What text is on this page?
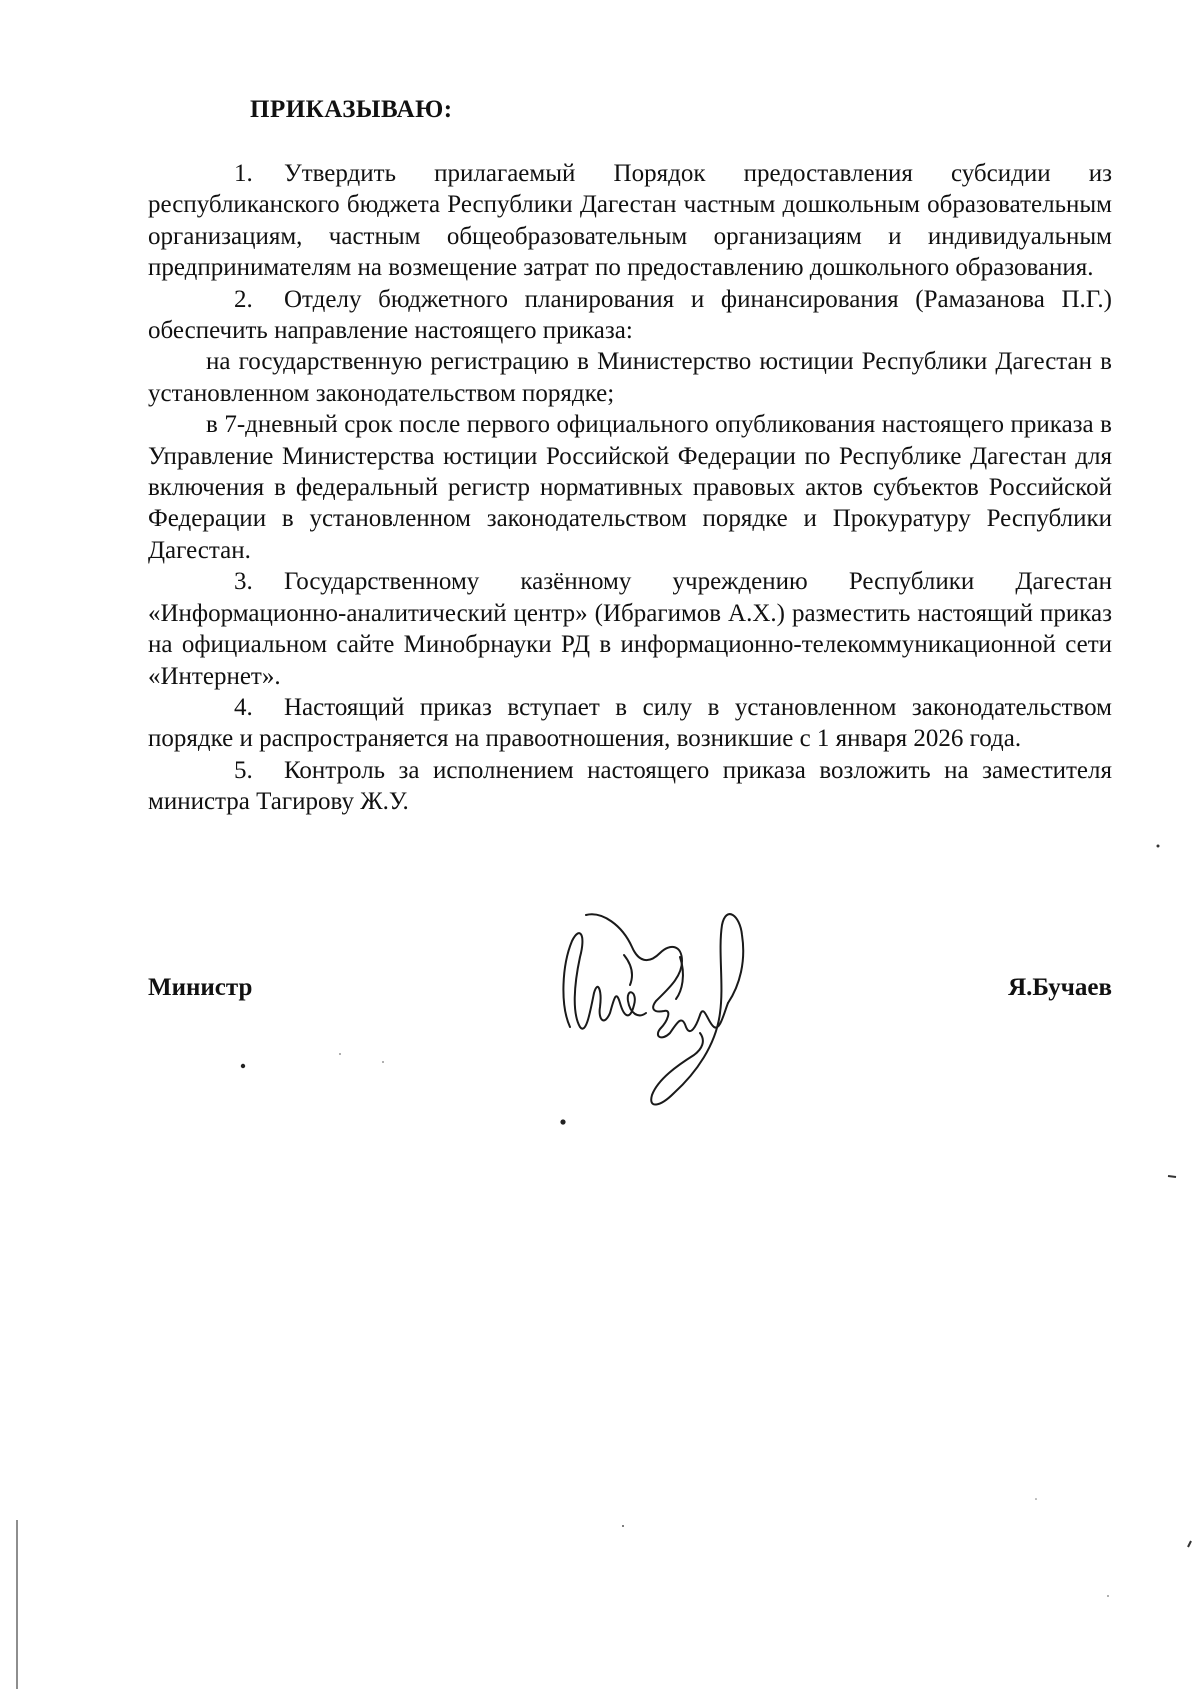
ПРИКАЗЫВАЮ:

1. Утвердить прилагаемый Порядок предоставления субсидии из республиканского бюджета Республики Дагестан частным дошкольным образовательным организациям, частным общеобразовательным организациям и индивидуальным предпринимателям на возмещение затрат по предоставлению дошкольного образования.

2. Отделу бюджетного планирования и финансирования (Рамазанова П.Г.) обеспечить направление настоящего приказа:

на государственную регистрацию в Министерство юстиции Республики Дагестан в установленном законодательством порядке;

в 7-дневный срок после первого официального опубликования настоящего приказа в Управление Министерства юстиции Российской Федерации по Республике Дагестан для включения в федеральный регистр нормативных правовых актов субъектов Российской Федерации в установленном законодательством порядке и Прокуратуру Республики Дагестан.

3. Государственному казённому учреждению Республики Дагестан «Информационно-аналитический центр» (Ибрагимов А.Х.) разместить настоящий приказ на официальном сайте Минобрнауки РД в информационно-телекоммуникационной сети «Интернет».

4. Настоящий приказ вступает в силу в установленном законодательством порядке и распространяется на правоотношения, возникшие с 1 января 2026 года.

5. Контроль за исполнением настоящего приказа возложить на заместителя министра Тагирову Ж.У.

Министр	Я.Бучаев
